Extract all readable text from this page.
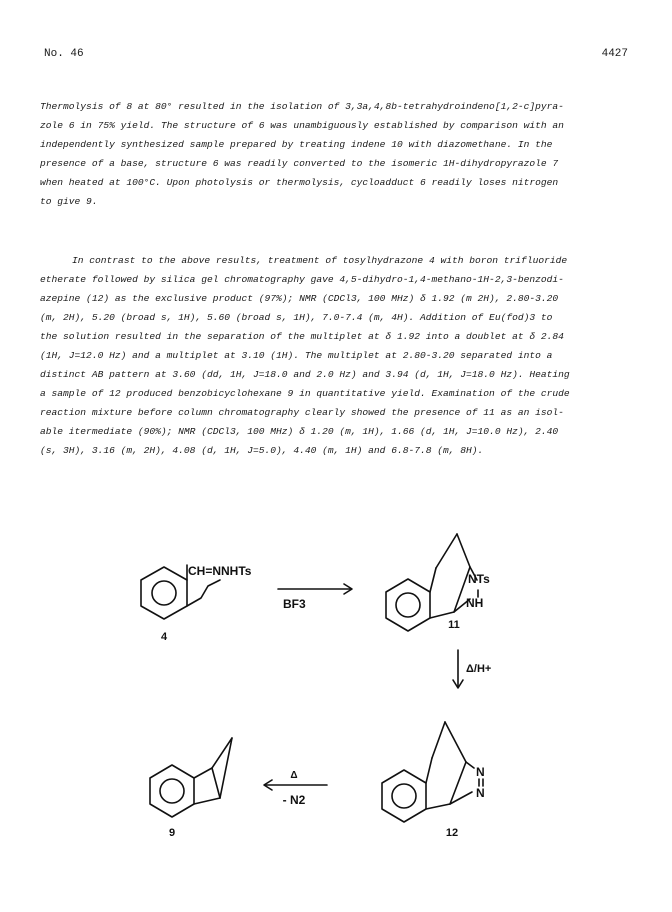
No. 46	4427
Thermolysis of 8 at 80° resulted in the isolation of 3,3a,4,8b-tetrahydroindeno[1,2-c]pyra-
zole 6 in 75% yield. The structure of 6 was unambiguously established by comparison with an
independently synthesized sample prepared by treating indene 10 with diazomethane. In the
presence of a base, structure 6 was readily converted to the isomeric 1H-dihydropyrazole 7
when heated at 100°C. Upon photolysis or thermolysis, cycloadduct 6 readily loses nitrogen
to give 9.
In contrast to the above results, treatment of tosylhydrazone 4 with boron trifluoride
etherate followed by silica gel chromatography gave 4,5-dihydro-1,4-methano-1H-2,3-benzodi-
azepine (12) as the exclusive product (97%); NMR (CDCl3, 100 MHz) δ 1.92 (m 2H), 2.80-3.20
(m, 2H), 5.20 (broad s, 1H), 5.60 (broad s, 1H), 7.0-7.4 (m, 4H). Addition of Eu(fod)3 to
the solution resulted in the separation of the multiplet at δ 1.92 into a doublet at δ 2.84
(1H, J=12.0 Hz) and a multiplet at 3.10 (1H). The multiplet at 2.80-3.20 separated into a
distinct AB pattern at 3.60 (dd, 1H, J=18.0 and 2.0 Hz) and 3.94 (d, 1H, J=18.0 Hz). Heating
a sample of 12 produced benzobicyclohexane 9 in quantitative yield. Examination of the crude
reaction mixture before column chromatography clearly showed the presence of 11 as an isol-
able itermediate (90%); NMR (CDCl3, 100 MHz) δ 1.20 (m, 1H), 1.66 (d, 1H, J=10.0 Hz), 2.40
(s, 3H), 3.16 (m, 2H), 4.08 (d, 1H, J=5.0), 4.40 (m, 1H) and 6.8-7.8 (m, 8H).
CH=NNHTs
4
BF3
NTs
NH
11
Δ/H+
N
N
12
Δ
- N2
9
